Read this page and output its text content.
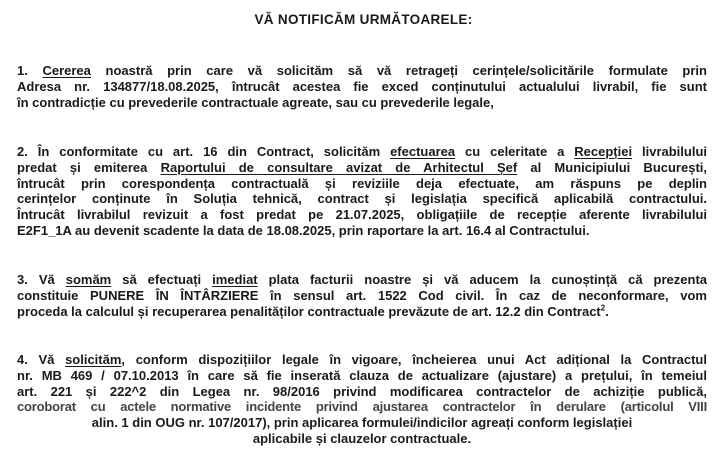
VĂ NOTIFICĂM URMĂTOARELE:
1. Cererea noastră prin care vă solicităm să vă retrageți cerințele/solicitările formulate prin
Adresa nr. 134877/18.08.2025, întrucât acestea fie exced conținutului actualului livrabil, fie sunt
în contradicție cu prevederile contractuale agreate, sau cu prevederile legale,
2. În conformitate cu art. 16 din Contract, solicităm efectuarea cu celeritate a Recepției livrabilului
predat și emiterea Raportului de consultare avizat de Arhitectul Șef al Municipiului București,
întrucât prin corespondența contractuală și reviziile deja efectuate, am răspuns pe deplin
cerințelor conținute în Soluția tehnică, contract și legislația specifică aplicabilă contractului.
Întrucât livrabilul revizuit a fost predat pe 21.07.2025, obligațiile de recepție aferente livrabilului
E2F1_1A au devenit scadente la data de 18.08.2025, prin raportare la art. 16.4 al Contractului.
3. Vă somăm să efectuați imediat plata facturii noastre și vă aducem la cunoștință că prezenta
constituie PUNERE ÎN ÎNTÂRZIERE în sensul art. 1522 Cod civil. În caz de neconformare, vom
proceda la calculul și recuperarea penalităților contractuale prevăzute de art. 12.2 din Contract$^2$.
4. Vă solicităm, conform dispozițiilor legale în vigoare, încheierea unui Act adițional la Contractul
nr. MB 469 / 07.10.2013 în care să fie inserată clauza de actualizare (ajustare) a prețului, în temeiul
art. 221 și 222^2 din Legea nr. 98/2016 privind modificarea contractelor de achiziție publică,
coroborat cu actele normative incidente privind ajustarea contractelor în derulare (articolul VIII
alin. 1 din OUG nr. 107/2017), prin aplicarea formulei/indicilor agreați conform legislației
aplicabile și clauzelor contractuale.
